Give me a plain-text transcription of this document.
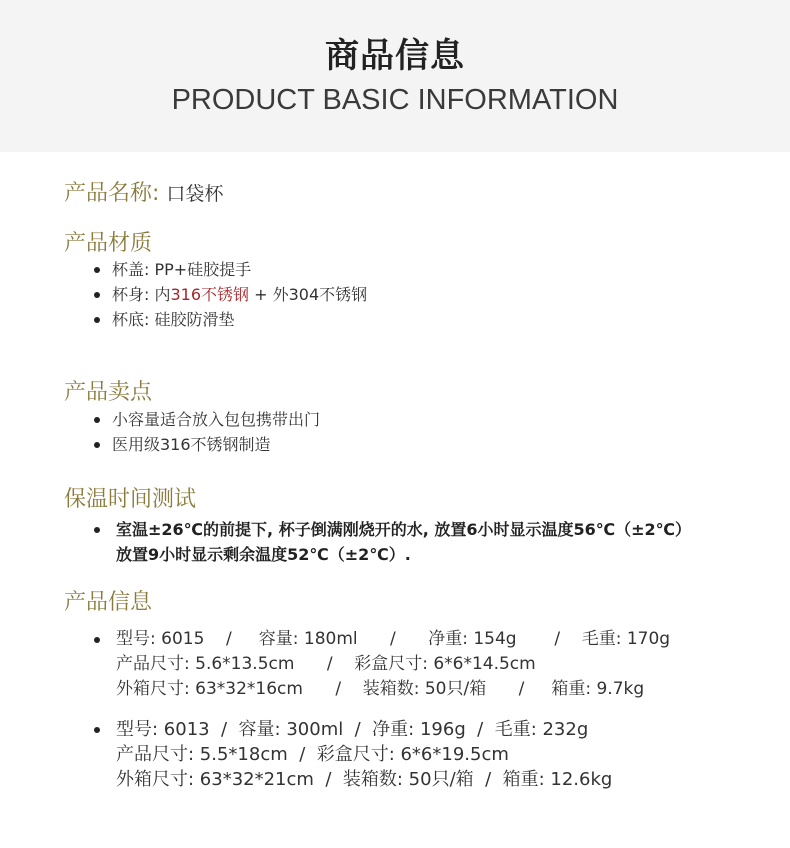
商品信息
PRODUCT BASIC INFORMATION
产品名称: 口袋杯
产品材质
杯盖: PP+硅胶提手
杯身: 内316不锈钢 + 外304不锈钢
杯底: 硅胶防滑垫
产品卖点
小容量适合放入包包携带出门
医用级316不锈钢制造
保温时间测试
室温±26℃的前提下, 杯子倒满刚烧开的水, 放置6小时显示温度56℃（±2℃）
放置9小时显示剩余温度52℃（±2℃）.
产品信息
型号: 6015    /     容量: 180ml      /      净重: 154g       /    毛重: 170g
产品尺寸: 5.6*13.5cm      /    彩盒尺寸: 6*6*14.5cm
外箱尺寸: 63*32*16cm      /    装箱数: 50只/箱      /     箱重: 9.7kg
型号: 6013  /  容量: 300ml  /  净重: 196g  /  毛重: 232g
产品尺寸: 5.5*18cm  /  彩盒尺寸: 6*6*19.5cm
外箱尺寸: 63*32*21cm  /  装箱数: 50只/箱  /  箱重: 12.6kg
